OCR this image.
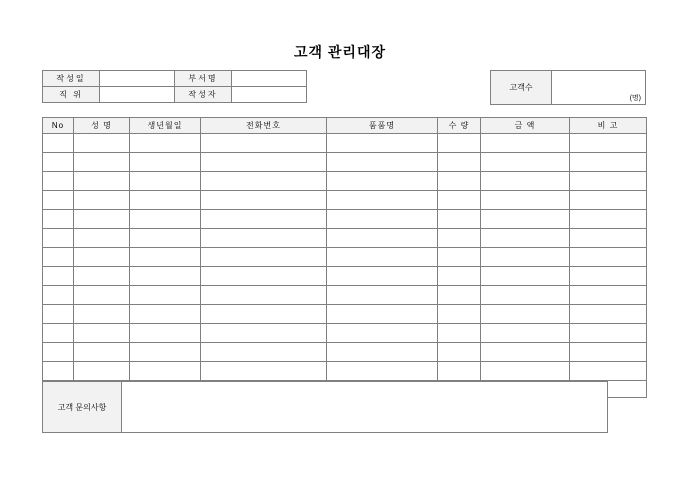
고객 관리대장
작성일		부서명	
직 위		작성자	
고객수	(명)
No	성 명	생년월일	전화번호	품품명	수 량	금 액	비 고

고객 문의사항	
